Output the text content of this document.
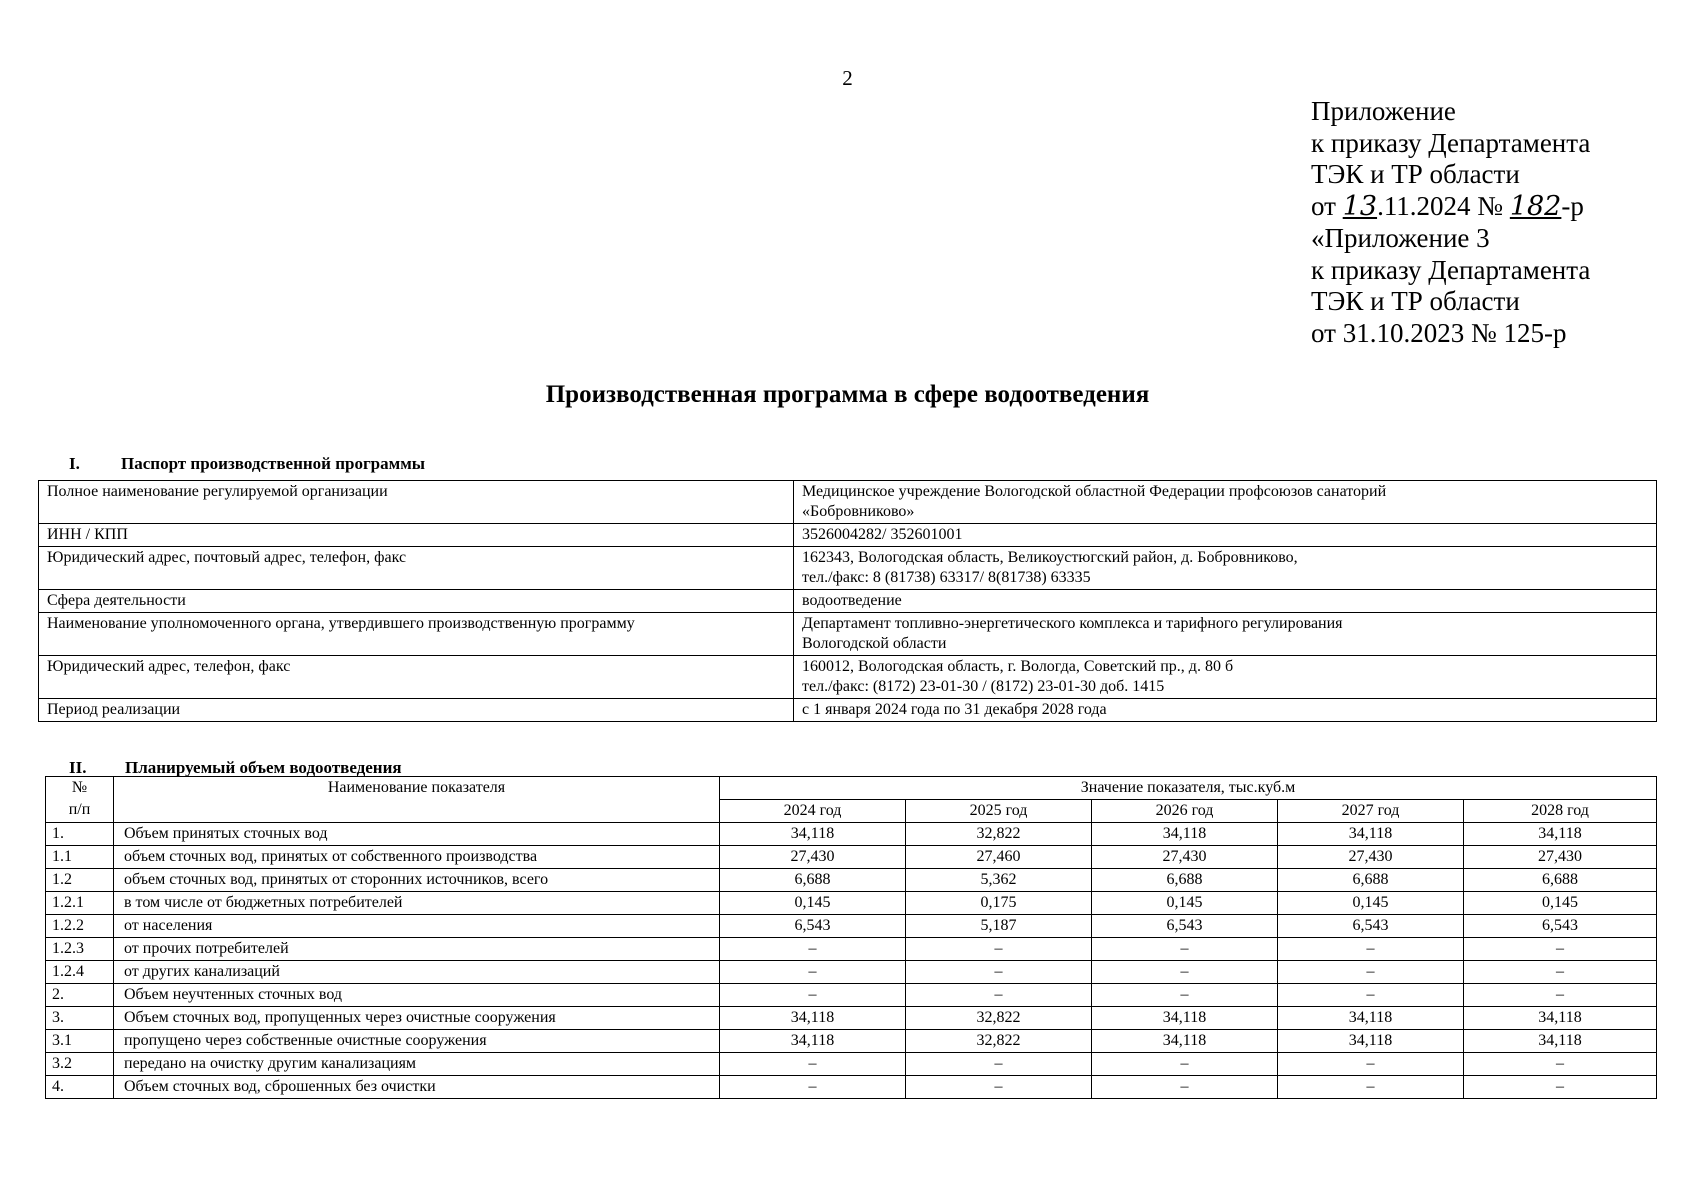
2
Приложение
к приказу Департамента
ТЭК и ТР области
от 13.11.2024 № 182-р
«Приложение 3
к приказу Департамента
ТЭК и ТР области
от 31.10.2023 № 125-р
Производственная программа в сфере водоотведения
I. Паспорт производственной программы
Полное наименование регулируемой организации	Медицинское учреждение Вологодской областной Федерации профсоюзов санаторий
«Бобровниково»

ИНН / КПП	3526004282/ 352601001

Юридический адрес, почтовый адрес, телефон, факс	162343, Вологодская область, Великоустюгский район, д. Бобровниково,
тел./факс: 8 (81738) 63317/ 8(81738) 63335

Сфера деятельности	водоотведение

Наименование уполномоченного органа, утвердившего производственную программу	Департамент топливно-энергетического комплекса и тарифного регулирования
Вологодской области

Юридический адрес, телефон, факс	160012, Вологодская область, г. Вологда, Советский пр., д. 80 б
тел./факс: (8172) 23-01-30 / (8172) 23-01-30 доб. 1415

Период реализации	с 1 января 2024 года по 31 декабря 2028 года
II. Планируемый объем водоотведения
№
п/п	Наименование показателя	Значение показателя, тыс.куб.м				
		2024 год	2025 год	2026 год	2027 год	2028 год
1.	Объем принятых сточных вод	34,118	32,822	34,118	34,118	34,118
1.1	объем сточных вод, принятых от собственного производства	27,430	27,460	27,430	27,430	27,430
1.2	объем сточных вод, принятых от сторонних источников, всего	6,688	5,362	6,688	6,688	6,688
1.2.1	в том числе от бюджетных потребителей	0,145	0,175	0,145	0,145	0,145
1.2.2	от населения	6,543	5,187	6,543	6,543	6,543
1.2.3	от прочих потребителей	–	–	–	–	–
1.2.4	от других канализаций	–	–	–	–	–
2.	Объем неучтенных сточных вод	–	–	–	–	–
3.	Объем сточных вод, пропущенных через очистные сооружения	34,118	32,822	34,118	34,118	34,118
3.1	пропущено через собственные очистные сооружения	34,118	32,822	34,118	34,118	34,118
3.2	передано на очистку другим канализациям	–	–	–	–	–
4.	Объем сточных вод, сброшенных без очистки	–	–	–	–	–
